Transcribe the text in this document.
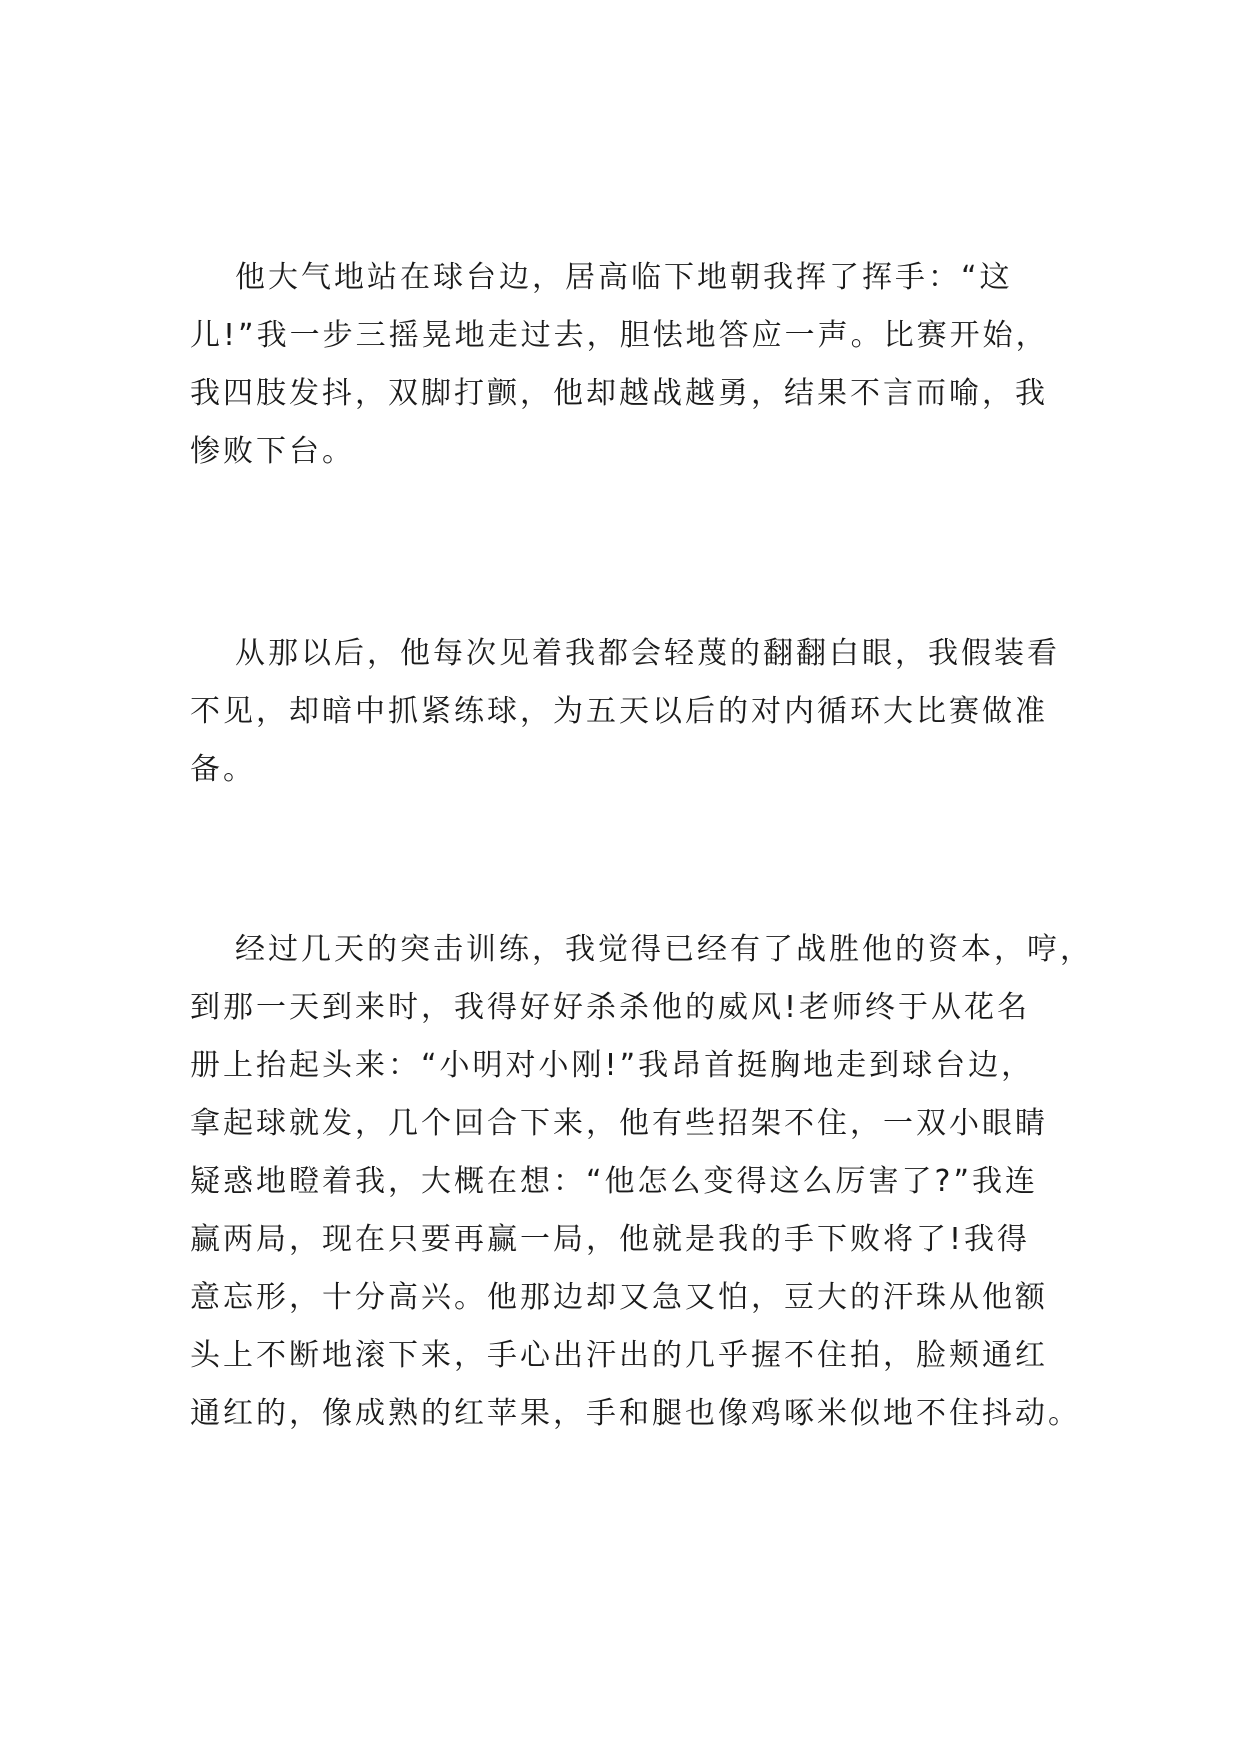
他大气地站在球台边，居高临下地朝我挥了挥手：“这
儿!”我一步三摇晃地走过去，胆怯地答应一声。比赛开始，
我四肢发抖，双脚打颤，他却越战越勇，结果不言而喻，我
惨败下台。
从那以后，他每次见着我都会轻蔑的翻翻白眼，我假装看
不见，却暗中抓紧练球，为五天以后的对内循环大比赛做准
备。
经过几天的突击训练，我觉得已经有了战胜他的资本，哼，
到那一天到来时，我得好好杀杀他的威风!老师终于从花名
册上抬起头来：“小明对小刚!”我昂首挺胸地走到球台边，
拿起球就发，几个回合下来，他有些招架不住，一双小眼睛
疑惑地瞪着我，大概在想：“他怎么变得这么厉害了?”我连
赢两局，现在只要再赢一局，他就是我的手下败将了!我得
意忘形，十分高兴。他那边却又急又怕，豆大的汗珠从他额
头上不断地滚下来，手心出汗出的几乎握不住拍，脸颊通红
通红的，像成熟的红苹果，手和腿也像鸡啄米似地不住抖动。
